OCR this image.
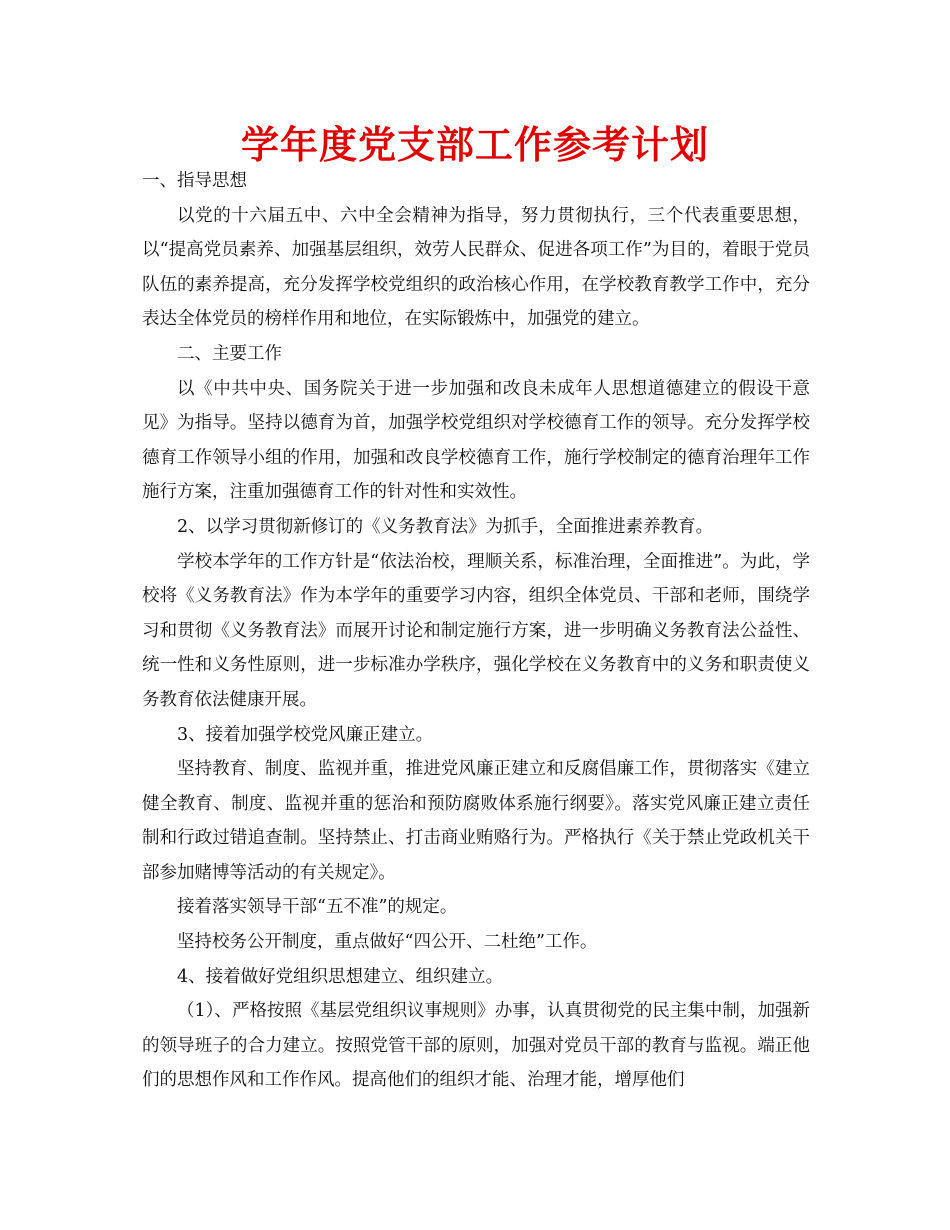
学年度党支部工作参考计划

一、指导思想

以党的十六届五中、六中全会精神为指导，努力贯彻执行，三个代表重要思想，以“提高党员素养、加强基层组织，效劳人民群众、促进各项工作”为目的，着眼于党员队伍的素养提高，充分发挥学校党组织的政治核心作用，在学校教育教学工作中，充分表达全体党员的榜样作用和地位，在实际锻炼中，加强党的建立。

二、主要工作

以《中共中央、国务院关于进一步加强和改良未成年人思想道德建立的假设干意见》为指导。坚持以德育为首，加强学校党组织对学校德育工作的领导。充分发挥学校德育工作领导小组的作用，加强和改良学校德育工作，施行学校制定的德育治理年工作施行方案，注重加强德育工作的针对性和实效性。

2、以学习贯彻新修订的《义务教育法》为抓手，全面推进素养教育。

学校本学年的工作方针是“依法治校，理顺关系，标准治理，全面推进”。为此，学校将《义务教育法》作为本学年的重要学习内容，组织全体党员、干部和老师，围绕学习和贯彻《义务教育法》而展开讨论和制定施行方案，进一步明确义务教育法公益性、统一性和义务性原则，进一步标准办学秩序，强化学校在义务教育中的义务和职责使义务教育依法健康开展。

3、接着加强学校党风廉正建立。

坚持教育、制度、监视并重，推进党风廉正建立和反腐倡廉工作，贯彻落实《建立健全教育、制度、监视并重的惩治和预防腐败体系施行纲要》。落实党风廉正建立责任制和行政过错追查制。坚持禁止、打击商业贿赂行为。严格执行《关于禁止党政机关干部参加赌博等活动的有关规定》。

接着落实领导干部“五不准”的规定。

坚持校务公开制度，重点做好“四公开、二杜绝”工作。

4、接着做好党组织思想建立、组织建立。

（1）、严格按照《基层党组织议事规则》办事，认真贯彻党的民主集中制，加强新的领导班子的合力建立。按照党管干部的原则，加强对党员干部的教育与监视。端正他们的思想作风和工作作风。提高他们的组织才能、治理才能，增厚他们
